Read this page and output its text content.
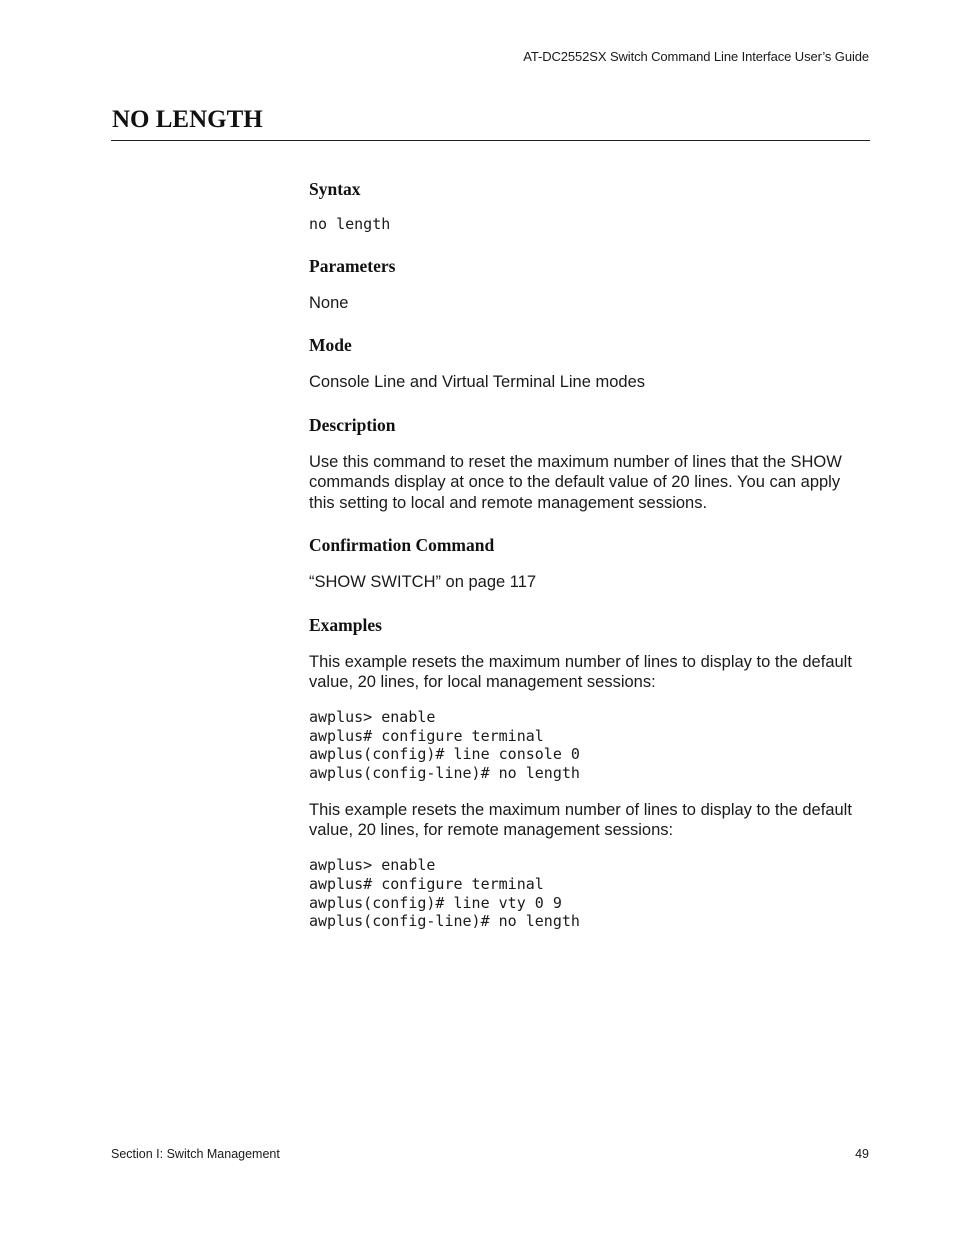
AT-DC2552SX Switch Command Line Interface User’s Guide
NO LENGTH
Syntax
no length
Parameters

None

Mode

Console Line and Virtual Terminal Line modes

Description

Use this command to reset the maximum number of lines that the SHOW
commands display at once to the default value of 20 lines. You can apply
this setting to local and remote management sessions.

Confirmation Command

“SHOW SWITCH” on page 117

Examples

This example resets the maximum number of lines to display to the default
value, 20 lines, for local management sessions:

awplus> enable
awplus# configure terminal
awplus(config)# line console 0
awplus(config-line)# no length

This example resets the maximum number of lines to display to the default
value, 20 lines, for remote management sessions:

awplus> enable
awplus# configure terminal
awplus(config)# line vty 0 9
awplus(config-line)# no length
Section I: Switch Management	49
